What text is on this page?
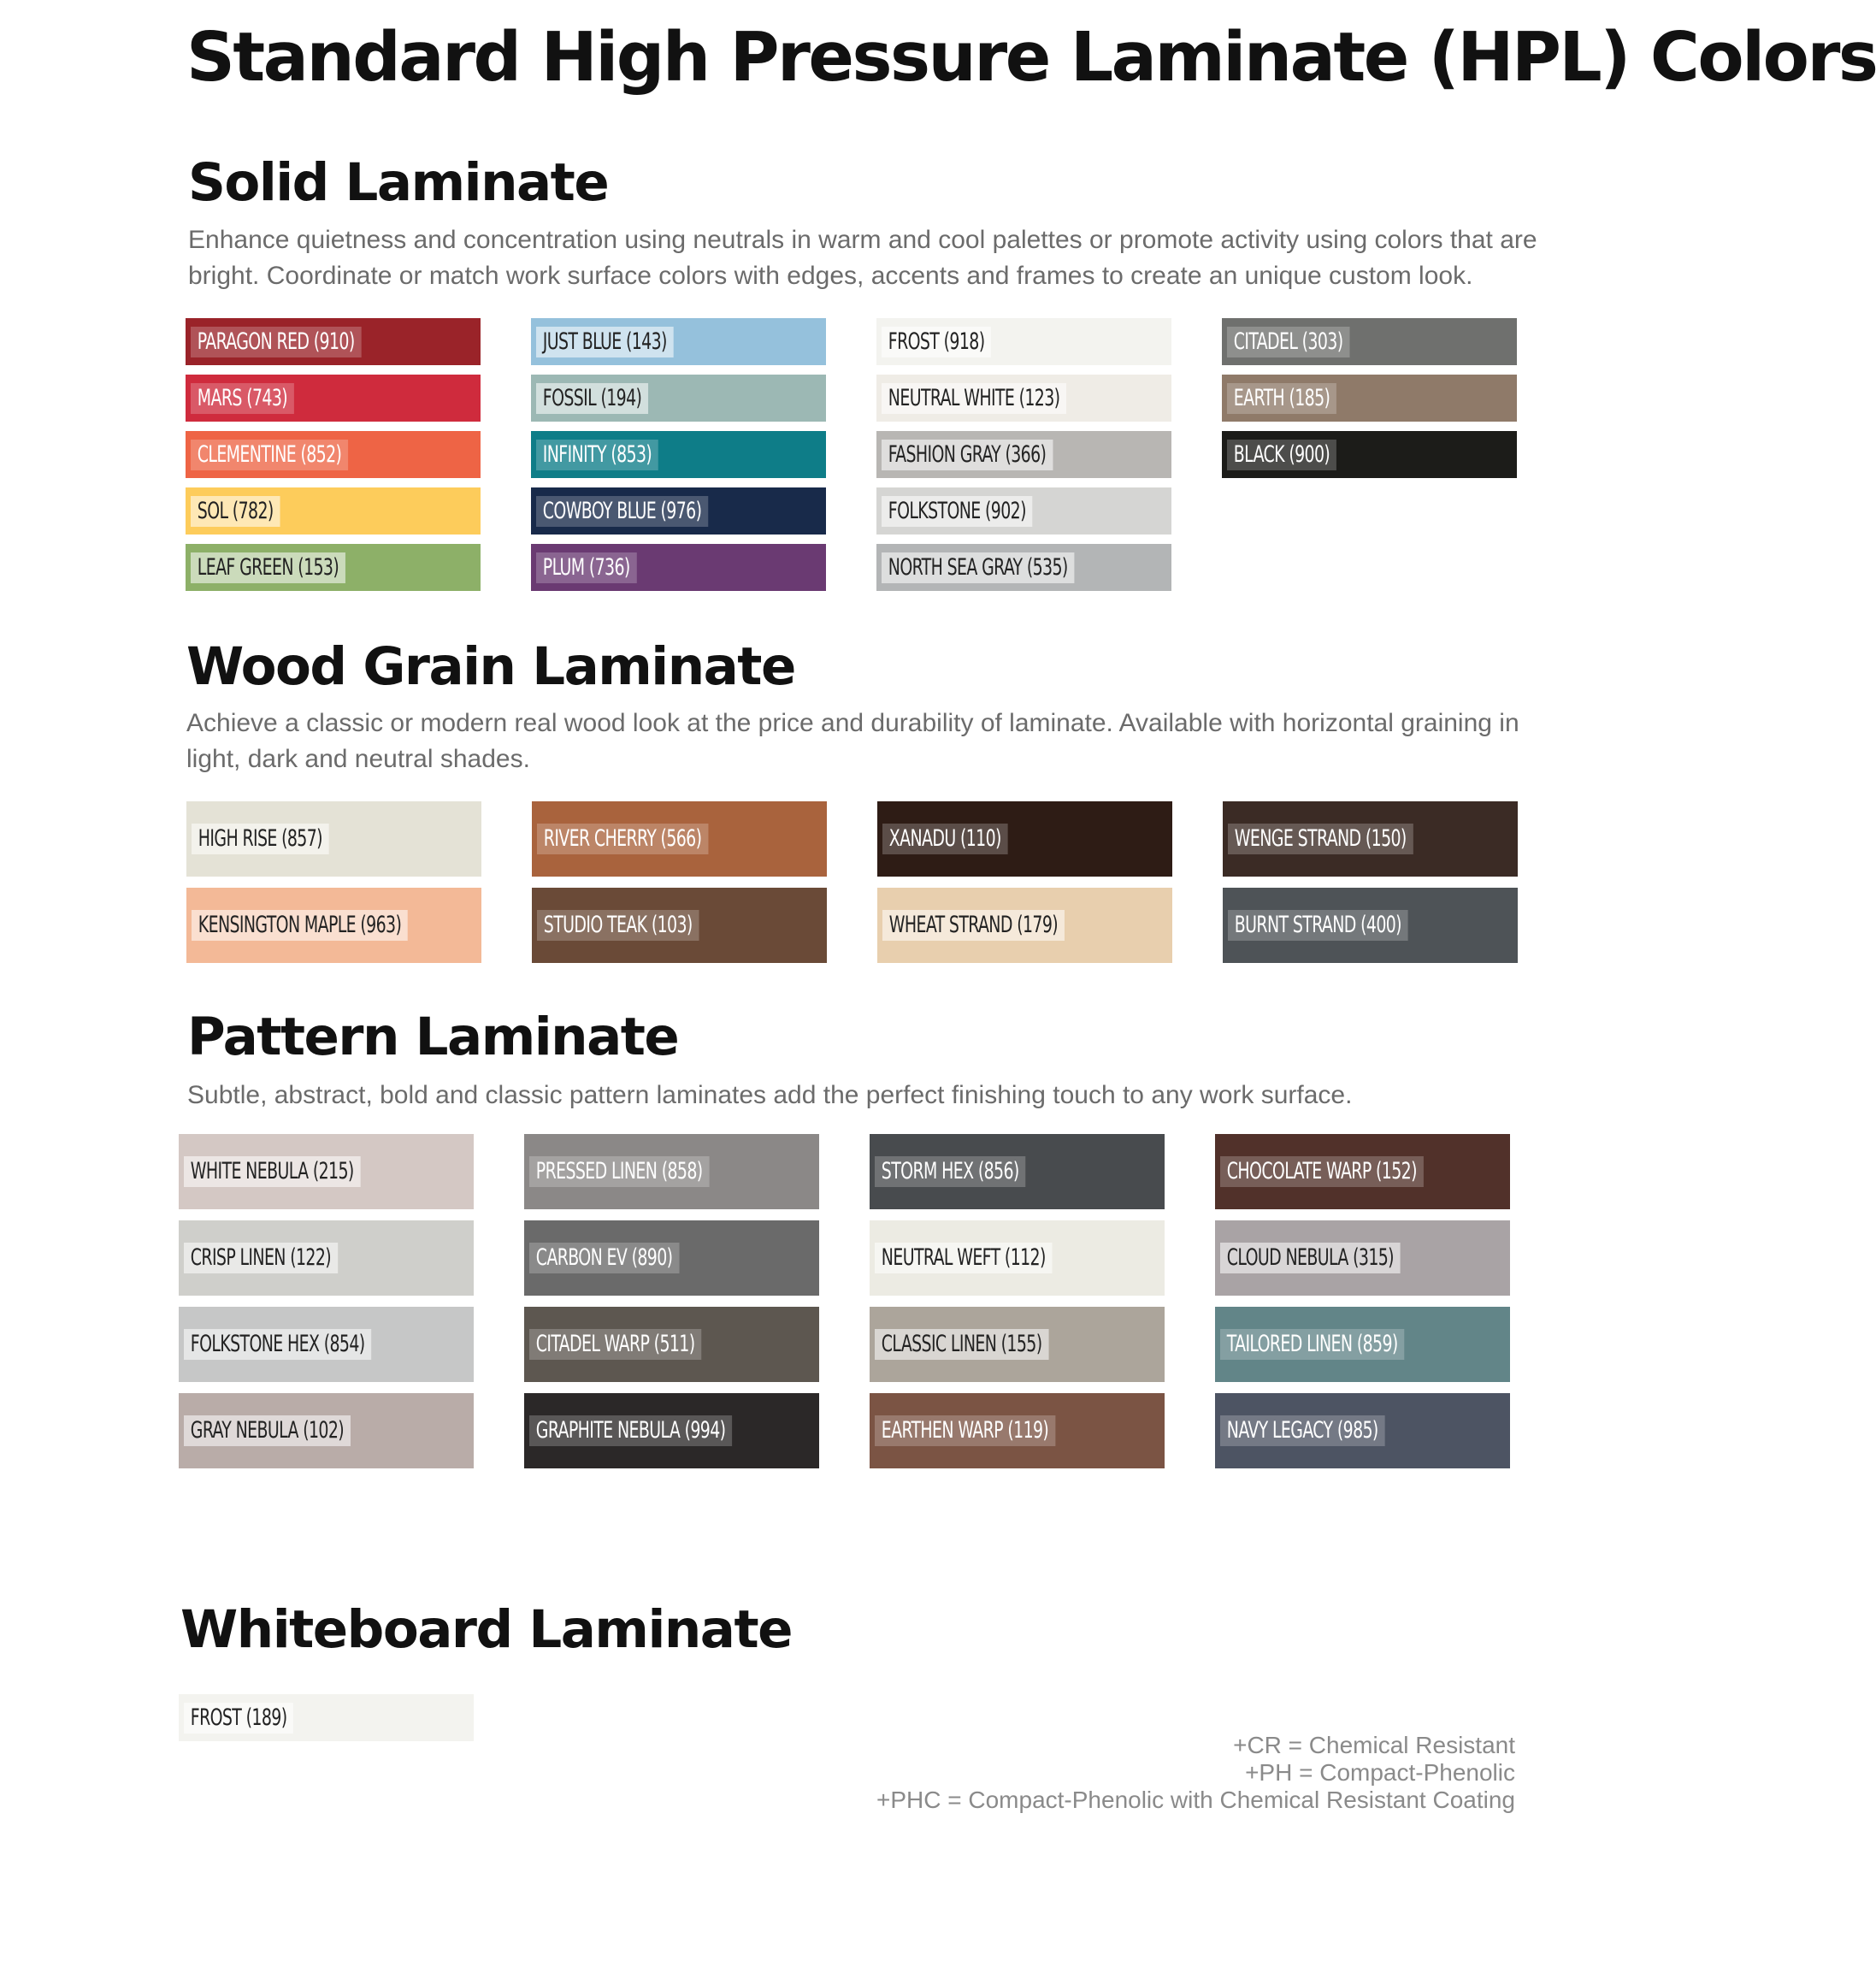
Standard High Pressure Laminate (HPL) Colors
Solid Laminate

Enhance quietness and concentration using neutrals in warm and cool palettes or promote activity using colors that are bright. Coordinate or match work surface colors with edges, accents and frames to create an unique custom look.

PARAGON RED (910)
MARS (743)
CLEMENTINE (852)
SOL (782)
LEAF GREEN (153)
JUST BLUE (143)
FOSSIL (194)
INFINITY (853)
COWBOY BLUE (976)
PLUM (736)
FROST (918)
NEUTRAL WHITE (123)
FASHION GRAY (366)
FOLKSTONE (902)
NORTH SEA GRAY (535)
CITADEL (303)
EARTH (185)
BLACK (900)
Wood Grain Laminate

Achieve a classic or modern real wood look at the price and durability of laminate. Available with horizontal graining in light, dark and neutral shades.

HIGH RISE (857)	RIVER CHERRY (566)	XANADU (110)	WENGE STRAND (150)
KENSINGTON MAPLE (963)	STUDIO TEAK (103)	WHEAT STRAND (179)	BURNT STRAND (400)
Pattern Laminate

Subtle, abstract, bold and classic pattern laminates add the perfect finishing touch to any work surface.

WHITE NEBULA (215)
CRISP LINEN (122)
FOLKSTONE HEX (854)
GRAY NEBULA (102)
PRESSED LINEN (858)
CARBON EV (890)
CITADEL WARP (511)
GRAPHITE NEBULA (994)
STORM HEX (856)
NEUTRAL WEFT (112)
CLASSIC LINEN (155)
EARTHEN WARP (119)
CHOCOLATE WARP (152)
CLOUD NEBULA (315)
TAILORED LINEN (859)
NAVY LEGACY (985)
Whiteboard Laminate
FROST (189)
+CR = Chemical Resistant
+PH = Compact-Phenolic
+PHC = Compact-Phenolic with Chemical Resistant Coating
